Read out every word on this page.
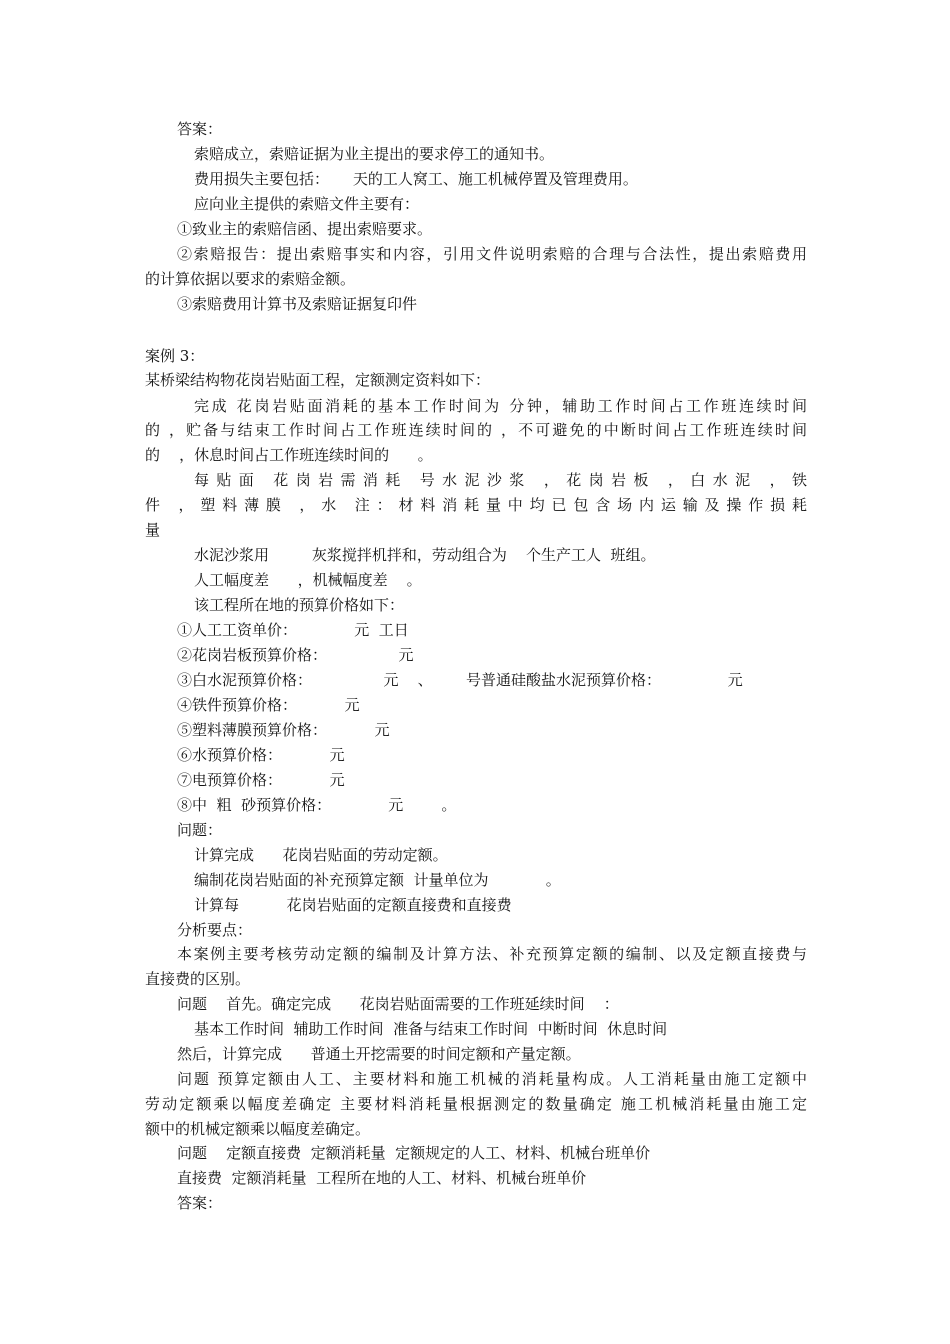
答案：
索赔成立，索赔证据为业主提出的要求停工的通知书。
费用损失主要包括：     天的工人窝工、施工机械停置及管理费用。
应向业主提供的索赔文件主要有：
①致业主的索赔信函、提出索赔要求。
②索赔报告：提出索赔事实和内容，引用文件说明索赔的合理与合法性，提出索赔费用
的计算依据以要求的索赔金额。
③索赔费用计算书及索赔证据复印件
案例 3：
某桥梁结构物花岗岩贴面工程，定额测定资料如下：
完成 花岗岩贴面消耗的基本工作时间为 分钟，辅助工作时间占工作班连续时间
的 ，贮备与结束工作时间占工作班连续时间的 ，不可避免的中断时间占工作班连续时间
的    ，休息时间占工作班连续时间的      。
每贴面 花岗岩需消耗 号水泥沙浆 ，花岗岩板 ，白水泥 ，铁
件 ，塑料薄膜 ，水 注：材料消耗量中均已包含场内运输及操作损耗
量
水泥沙浆用         灰浆搅拌机拌和，劳动组合为    个生产工人  班组。
人工幅度差      ，机械幅度差    。
该工程所在地的预算价格如下：
①人工工资单价：            元  工日
②花岗岩板预算价格：               元
③白水泥预算价格：               元    、       号普通硅酸盐水泥预算价格：              元
④铁件预算价格：          元
⑤塑料薄膜预算价格：          元
⑥水预算价格：          元
⑦电预算价格：          元
⑧中  粗  砂预算价格：            元        。
问题：
计算完成      花岗岩贴面的劳动定额。
编制花岗岩贴面的补充预算定额  计量单位为            。
计算每          花岗岩贴面的定额直接费和直接费
分析要点：
本案例主要考核劳动定额的编制及计算方法、补充预算定额的编制、以及定额直接费与
直接费的区别。
问题    首先。确定完成      花岗岩贴面需要的工作班延续时间    ：
基本工作时间  辅助工作时间  准备与结束工作时间  中断时间  休息时间
然后，计算完成      普通土开挖需要的时间定额和产量定额。
问题 预算定额由人工、主要材料和施工机械的消耗量构成。人工消耗量由施工定额中
劳动定额乘以幅度差确定 主要材料消耗量根据测定的数量确定 施工机械消耗量由施工定
额中的机械定额乘以幅度差确定。
问题    定额直接费  定额消耗量  定额规定的人工、材料、机械台班单价
直接费  定额消耗量  工程所在地的人工、材料、机械台班单价
答案：
